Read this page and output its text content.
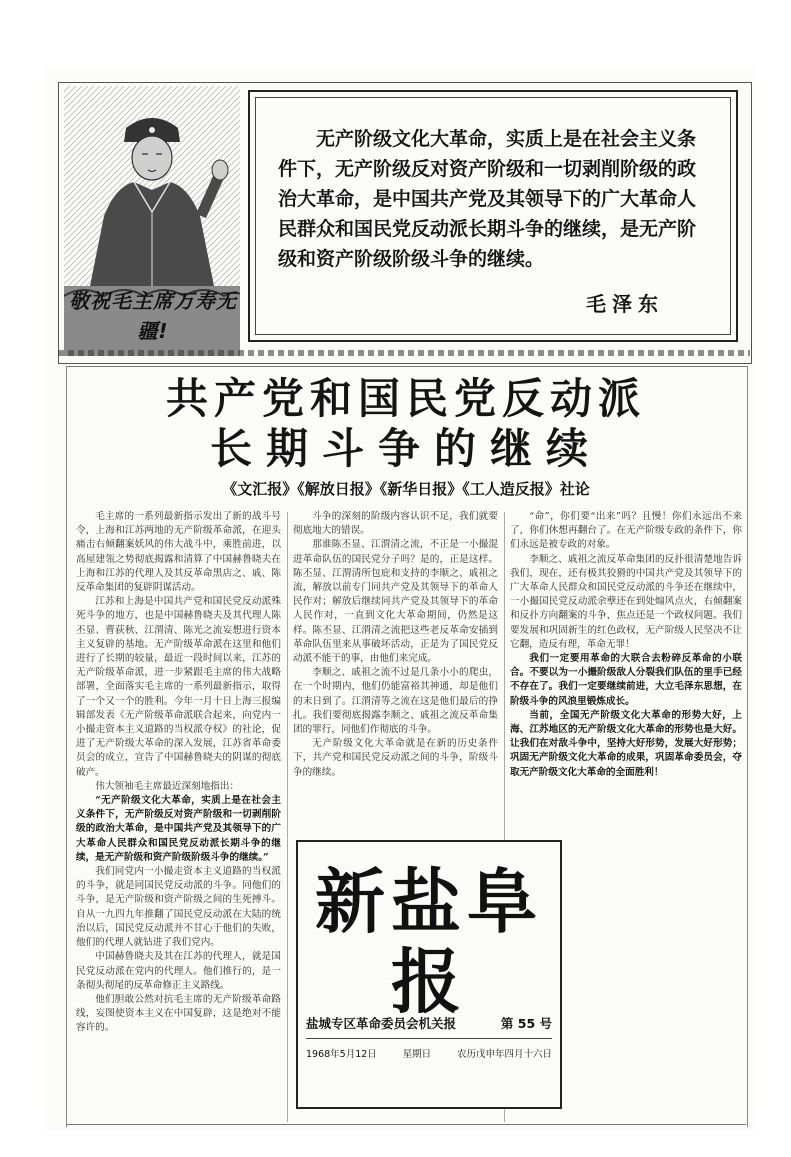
敬祝毛主席万寿无疆!
无产阶级文化大革命，实质上是在社会主义条件下，无产阶级反对资产阶级和一切剥削阶级的政治大革命，是中国共产党及其领导下的广大革命人民群众和国民党反动派长期斗争的继续，是无产阶级和资产阶级阶级斗争的继续。
毛泽东
共产党和国民党反动派
长期斗争的继续
《文汇报》《解放日报》《新华日报》《工人造反报》社论

毛主席的一系列最新指示发出了新的战斗号令，上海和江苏两地的无产阶级革命派，在迎头痛击右倾翻案妖风的伟大战斗中，乘胜前进，以高屋建瓴之势彻底揭露和清算了中国赫鲁晓夫在上海和江苏的代理人及其反革命黑店之、戚、陈反革命集团的复辟阴谋活动。

江苏和上海是中国共产党和国民党反动派殊死斗争的地方，也是中国赫鲁晓夫及其代理人陈丕显、曹荻秋、江渭清、陈光之流妄想进行资本主义复辟的基地。无产阶级革命派在这里和他们进行了长期的较量，最近一段时间以来，江苏的无产阶级革命派，进一步紧跟毛主席的伟大战略部署，全面落实毛主席的一系列最新指示，取得了一个又一个的胜利。今年一月十日上海三报编辑部发表《无产阶级革命派联合起来，向党内一小撮走资本主义道路的当权派夺权》的社论，促进了无产阶级大革命的深入发展，江苏省革命委员会的成立，宣告了中国赫鲁晓夫的阴谋的彻底破产。

伟大领袖毛主席最近深刻地指出：

“无产阶级文化大革命，实质上是在社会主义条件下，无产阶级反对资产阶级和一切剥削阶级的政治大革命，是中国共产党及其领导下的广大革命人民群众和国民党反动派长期斗争的继续，是无产阶级和资产阶级阶级斗争的继续。”

我们同党内一小撮走资本主义道路的当权派的斗争，就是同国民党反动派的斗争。同他们的斗争，是无产阶级和资产阶级之间的生死搏斗。自从一九四九年推翻了国民党反动派在大陆的统治以后，国民党反动派并不甘心于他们的失败，他们的代理人就钻进了我们党内。

中国赫鲁晓夫及其在江苏的代理人，就是国民党反动派在党内的代理人。他们推行的，是一条彻头彻尾的反革命修正主义路线。

他们胆敢公然对抗毛主席的无产阶级革命路线，妄图使资本主义在中国复辟，这是绝对不能容许的。

斗争的深刻的阶级内容认识不足，我们就要彻底地大的错误。

那谁陈丕显、江渭清之流，不正是一小撮混进革命队伍的国民党分子吗？是的，正是这样。陈丕显、江渭清所包庇和支持的李顺之、戚祖之流，解放以前专门同共产党及其领导下的革命人民作对；解放后继续同共产党及其领导下的革命人民作对，一直到文化大革命期间，仍然是这样。陈丕显、江渭清之流把这些老反革命安插到革命队伍里来从事破坏活动，正是为了国民党反动派不能干的事，由他们来完成。

李顺之、戚祖之流不过是几条小小的爬虫，在一个时期内，他们仍能富裕其神通，却是他们的末日到了。江渭清等之流在这是他们最后的挣扎。我们要彻底揭露李顺之、戚祖之流反革命集团的罪行，同他们作彻底的斗争。

无产阶级文化大革命就是在新的历史条件下，共产党和国民党反动派之间的斗争，阶级斗争的继续。

“命”，你们要“出来”吗？且慢！你们永远出不来了，你们休想再翻台了。在无产阶级专政的条件下，你们永远是被专政的对象。

李顺之、戚祖之流反革命集团的反扑很清楚地告诉我们，现在，还有极其狡猾的中国共产党及其领导下的广大革命人民群众和国民党反动派的斗争还在继续中，一小撮国民党反动派余孽还在到处煽风点火，右倾翻案和反扑方向翻案的斗争，焦点还是一个政权问题。我们要发展和巩固新生的红色政权，无产阶级人民坚决不让它翻，造反有理，革命无罪！

我们一定要用革命的大联合去粉碎反革命的小联合。不要以为一小撮阶级敌人分裂我们队伍的里手已经不存在了。我们一定要继续前进，大立毛泽东思想，在阶级斗争的风浪里锻炼成长。

当前，全国无产阶级文化大革命的形势大好，上海、江苏地区的无产阶级文化大革命的形势也是大好。让我们在对敌斗争中，坚持大好形势，发展大好形势；巩固无产阶级文化大革命的成果，巩固革命委员会，夺取无产阶级文化大革命的全面胜利！

新盐阜报
盐城专区革命委员会机关报	第 55 号
1968年5月12日	星期日	农历戊申年四月十六日
